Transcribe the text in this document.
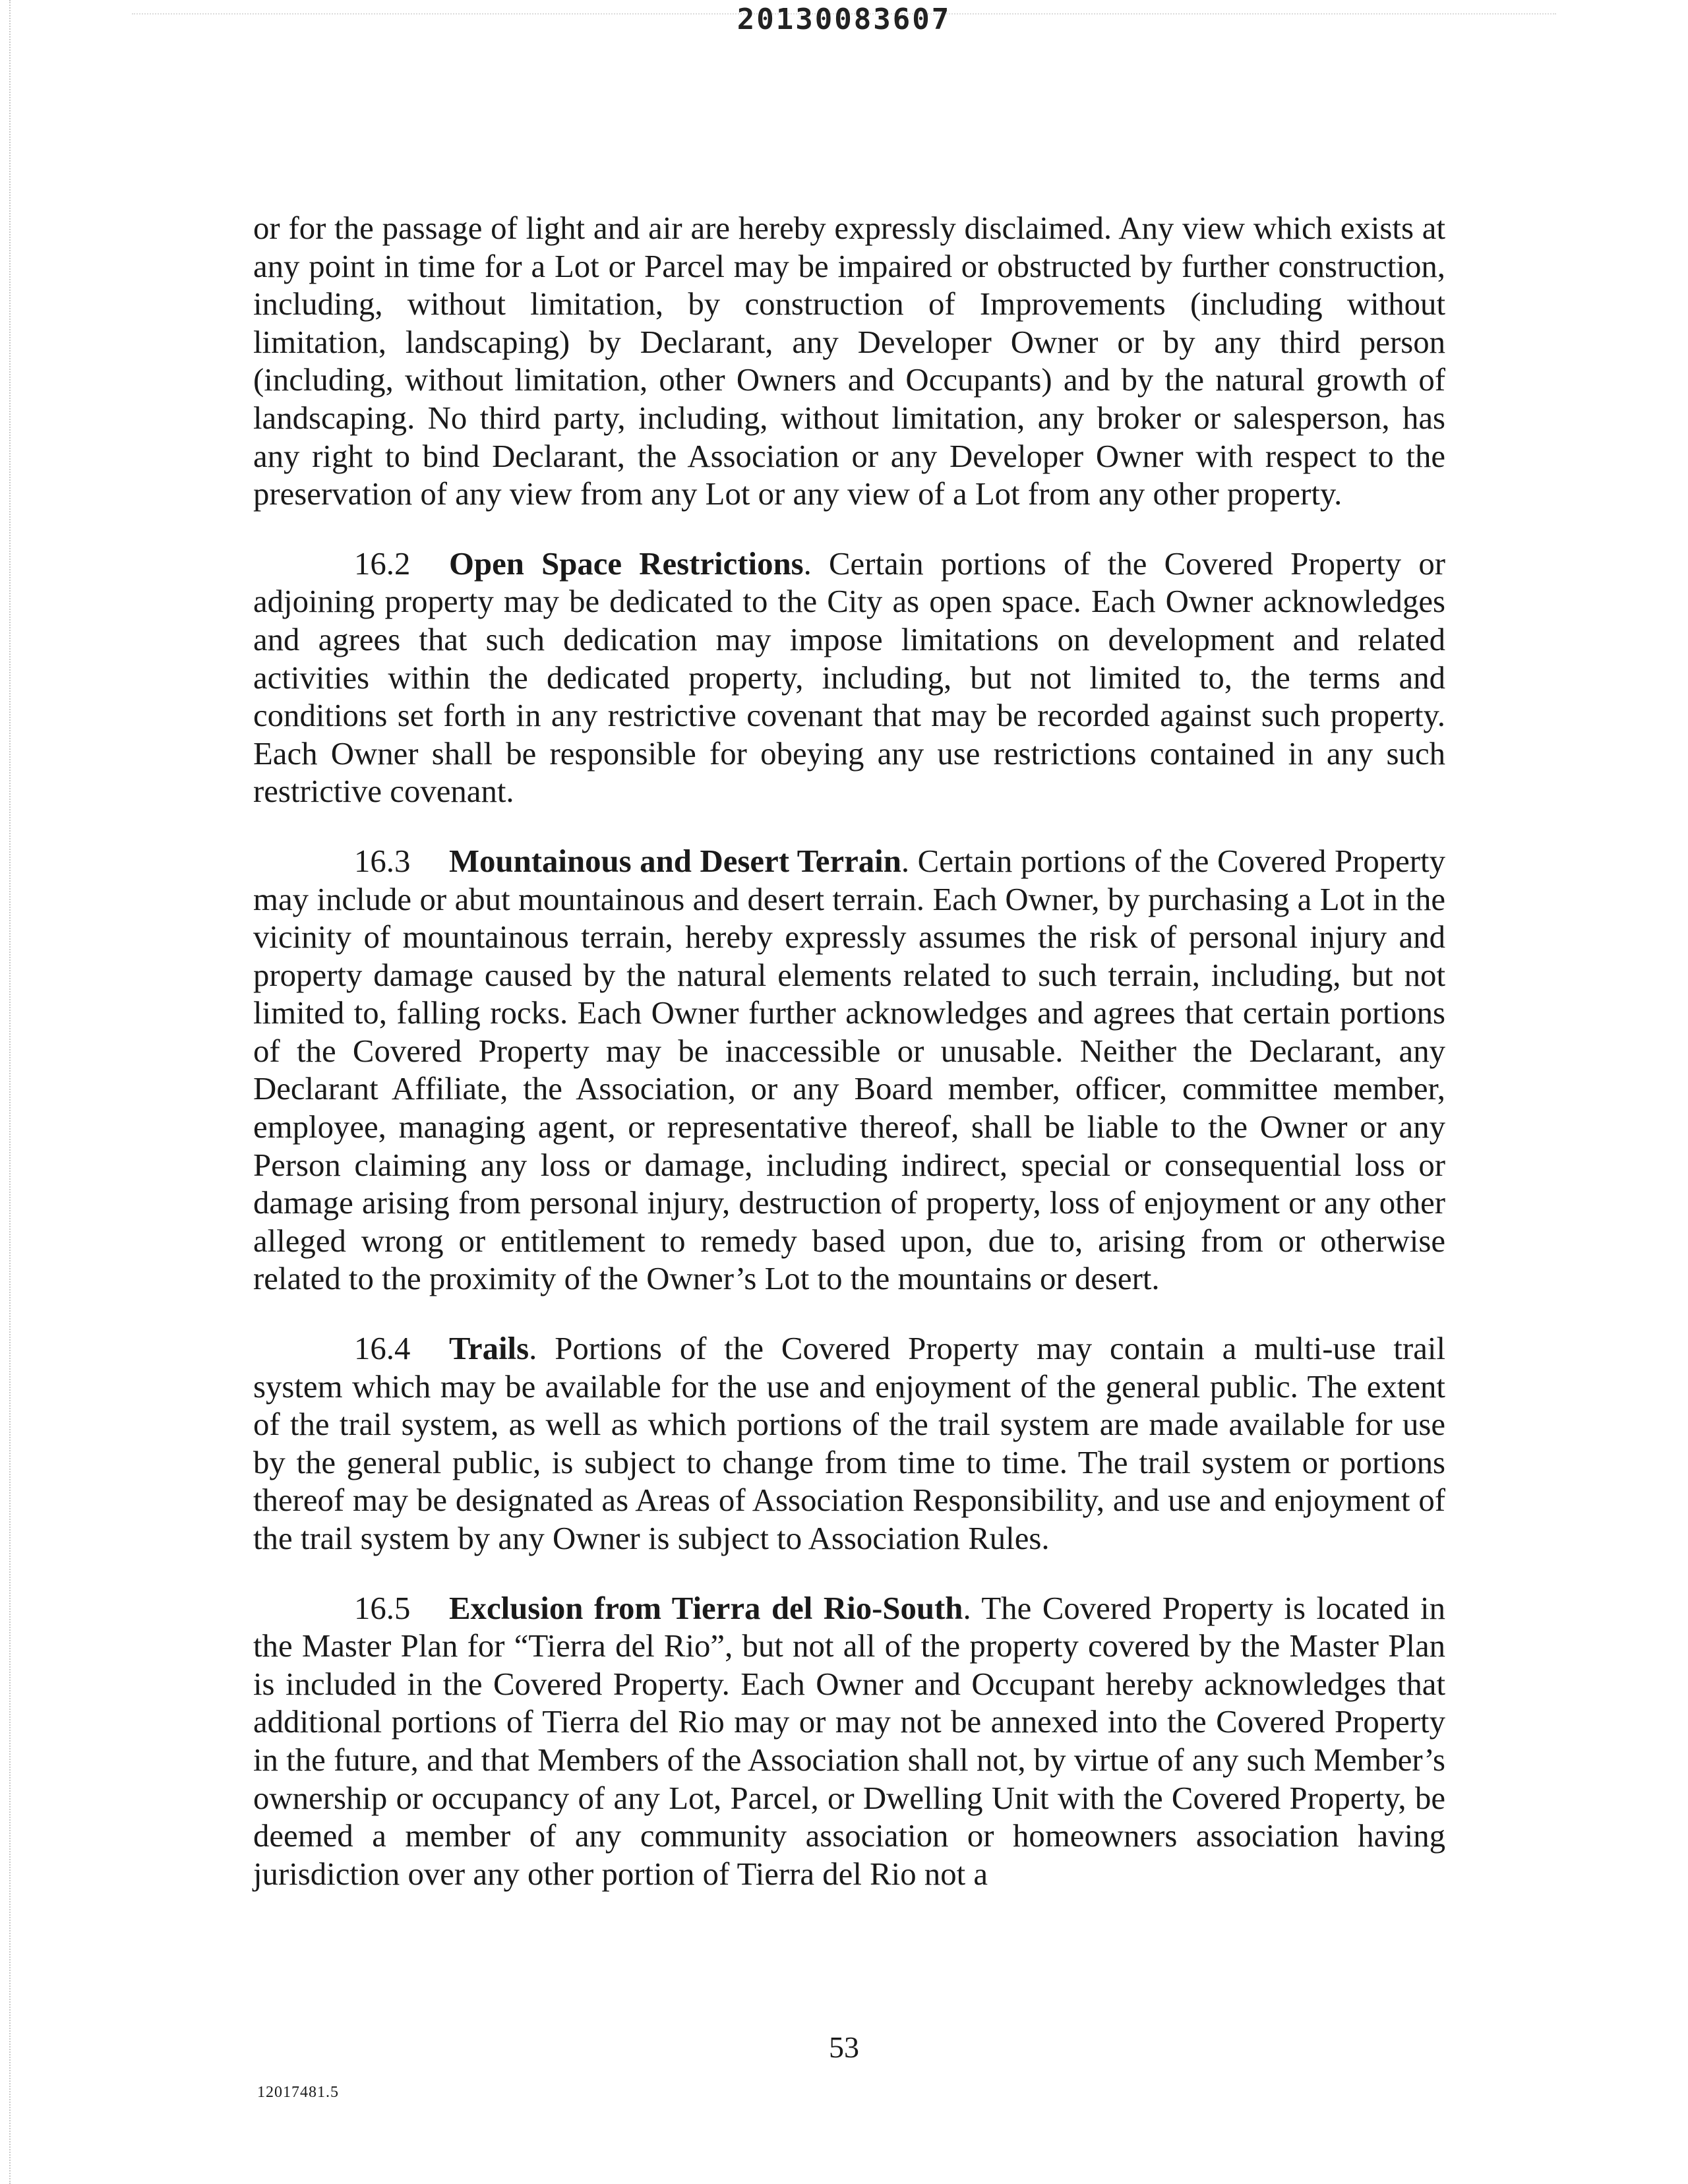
20130083607

or for the passage of light and air are hereby expressly disclaimed. Any view which exists at any point in time for a Lot or Parcel may be impaired or obstructed by further construction, including, without limitation, by construction of Improvements (including without limitation, landscaping) by Declarant, any Developer Owner or by any third person (including, without limitation, other Owners and Occupants) and by the natural growth of landscaping. No third party, including, without limitation, any broker or salesperson, has any right to bind Declarant, the Association or any Developer Owner with respect to the preservation of any view from any Lot or any view of a Lot from any other property.

16.2 Open Space Restrictions. Certain portions of the Covered Property or adjoining property may be dedicated to the City as open space. Each Owner acknowledges and agrees that such dedication may impose limitations on development and related activities within the dedicated property, including, but not limited to, the terms and conditions set forth in any restrictive covenant that may be recorded against such property. Each Owner shall be responsible for obeying any use restrictions contained in any such restrictive covenant.

16.3 Mountainous and Desert Terrain. Certain portions of the Covered Property may include or abut mountainous and desert terrain. Each Owner, by purchasing a Lot in the vicinity of mountainous terrain, hereby expressly assumes the risk of personal injury and property damage caused by the natural elements related to such terrain, including, but not limited to, falling rocks. Each Owner further acknowledges and agrees that certain portions of the Covered Property may be inaccessible or unusable. Neither the Declarant, any Declarant Affiliate, the Association, or any Board member, officer, committee member, employee, managing agent, or representative thereof, shall be liable to the Owner or any Person claiming any loss or damage, including indirect, special or consequential loss or damage arising from personal injury, destruction of property, loss of enjoyment or any other alleged wrong or entitlement to remedy based upon, due to, arising from or otherwise related to the proximity of the Owner’s Lot to the mountains or desert.

16.4 Trails. Portions of the Covered Property may contain a multi-use trail system which may be available for the use and enjoyment of the general public. The extent of the trail system, as well as which portions of the trail system are made available for use by the general public, is subject to change from time to time. The trail system or portions thereof may be designated as Areas of Association Responsibility, and use and enjoyment of the trail system by any Owner is subject to Association Rules.

16.5 Exclusion from Tierra del Rio-South. The Covered Property is located in the Master Plan for “Tierra del Rio”, but not all of the property covered by the Master Plan is included in the Covered Property. Each Owner and Occupant hereby acknowledges that additional portions of Tierra del Rio may or may not be annexed into the Covered Property in the future, and that Members of the Association shall not, by virtue of any such Member’s ownership or occupancy of any Lot, Parcel, or Dwelling Unit with the Covered Property, be deemed a member of any community association or homeowners association having jurisdiction over any other portion of Tierra del Rio not a

53
12017481.5
